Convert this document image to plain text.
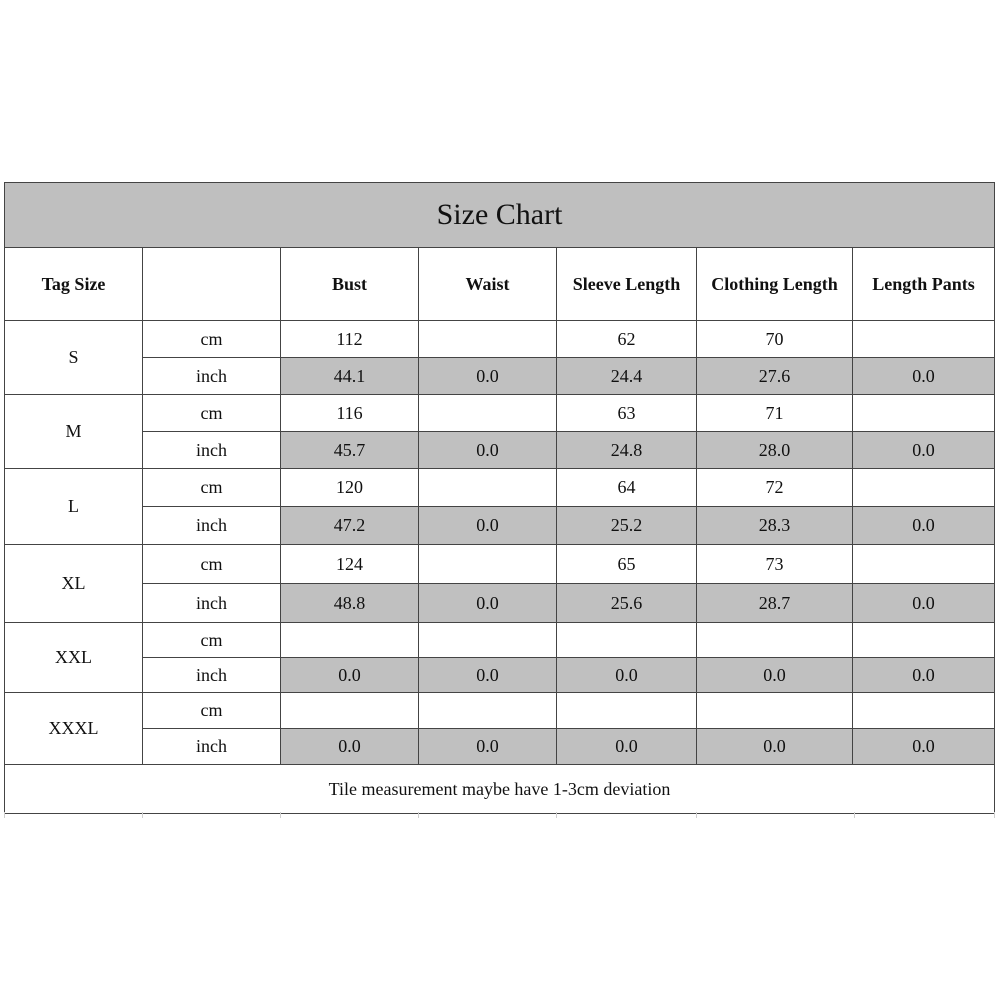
Size Chart						
Tag Size		Bust	Waist	Sleeve Length	Clothing Length	Length Pants
S	cm	112		62	70	
	inch	44.1	0.0	24.4	27.6	0.0
M	cm	116		63	71	
	inch	45.7	0.0	24.8	28.0	0.0
L	cm	120		64	72	
	inch	47.2	0.0	25.2	28.3	0.0
XL	cm	124		65	73	
	inch	48.8	0.0	25.6	28.7	0.0
XXL	cm					
	inch	0.0	0.0	0.0	0.0	0.0
XXXL	cm					
	inch	0.0	0.0	0.0	0.0	0.0
Tile measurement maybe have 1-3cm deviation						
